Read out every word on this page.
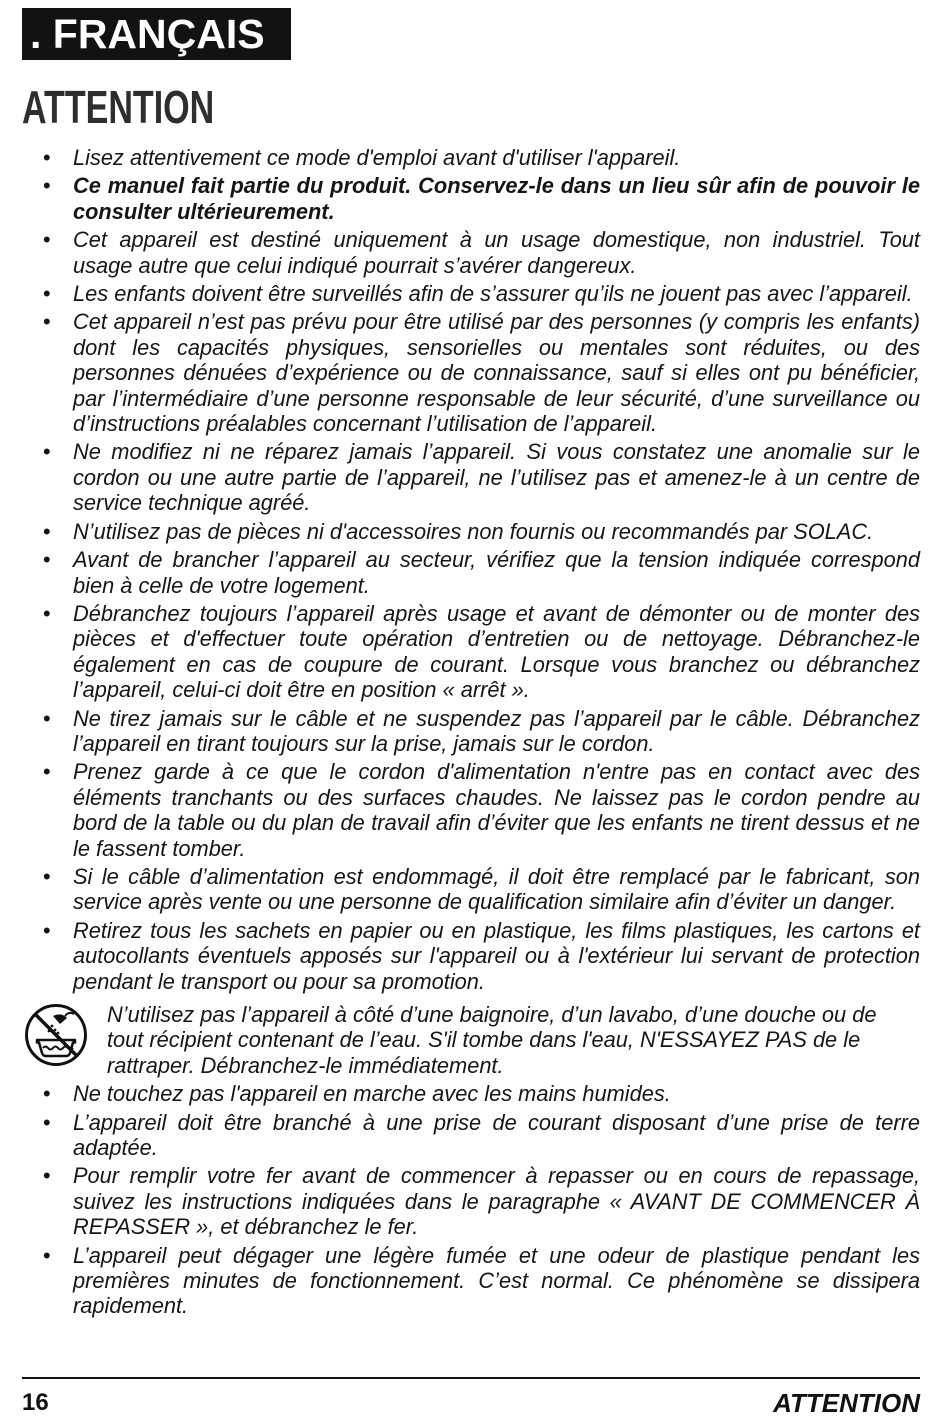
. FRANÇAIS
ATTENTION
• Lisez attentivement ce mode d'emploi avant d'utiliser l'appareil.
• Ce manuel fait partie du produit. Conservez-le dans un lieu sûr afin de pouvoir le
consulter ultérieurement.
• Cet appareil est destiné uniquement à un usage domestique, non industriel. Tout
usage autre que celui indiqué pourrait s’avérer dangereux.
• Les enfants doivent être surveillés afin de s’assurer qu’ils ne jouent pas avec l’appareil.
• Cet appareil n’est pas prévu pour être utilisé par des personnes (y compris les enfants)
dont les capacités physiques, sensorielles ou mentales sont réduites, ou des
personnes dénuées d’expérience ou de connaissance, sauf si elles ont pu bénéficier,
par l’intermédiaire d’une personne responsable de leur sécurité, d’une surveillance ou
d’instructions préalables concernant l’utilisation de l’appareil.
• Ne modifiez ni ne réparez jamais l’appareil. Si vous constatez une anomalie sur le
cordon ou une autre partie de l’appareil, ne l’utilisez pas et amenez-le à un centre de
service technique agréé.
• N’utilisez pas de pièces ni d'accessoires non fournis ou recommandés par SOLAC.
• Avant de brancher l’appareil au secteur, vérifiez que la tension indiquée correspond
bien à celle de votre logement.
• Débranchez toujours l’appareil après usage et avant de démonter ou de monter des
pièces et d'effectuer toute opération d’entretien ou de nettoyage. Débranchez-le
également en cas de coupure de courant. Lorsque vous branchez ou débranchez
l’appareil, celui-ci doit être en position « arrêt ».
• Ne tirez jamais sur le câble et ne suspendez pas l’appareil par le câble. Débranchez
l’appareil en tirant toujours sur la prise, jamais sur le cordon.
• Prenez garde à ce que le cordon d'alimentation n'entre pas en contact avec des
éléments tranchants ou des surfaces chaudes. Ne laissez pas le cordon pendre au
bord de la table ou du plan de travail afin d’éviter que les enfants ne tirent dessus et ne
le fassent tomber.
• Si le câble d’alimentation est endommagé, il doit être remplacé par le fabricant, son
service après vente ou une personne de qualification similaire afin d’éviter un danger.
• Retirez tous les sachets en papier ou en plastique, les films plastiques, les cartons et
autocollants éventuels apposés sur l'appareil ou à l'extérieur lui servant de protection
pendant le transport ou pour sa promotion.
N’utilisez pas l’appareil à côté d’une baignoire, d’un lavabo, d’une douche ou de
tout récipient contenant de l’eau. S'il tombe dans l'eau, N'ESSAYEZ PAS de le
rattraper. Débranchez-le immédiatement.
• Ne touchez pas l'appareil en marche avec les mains humides.
• L’appareil doit être branché à une prise de courant disposant d’une prise de terre
adaptée.
• Pour remplir votre fer avant de commencer à repasser ou en cours de repassage,
suivez les instructions indiquées dans le paragraphe « AVANT DE COMMENCER À
REPASSER », et débranchez le fer.
• L’appareil peut dégager une légère fumée et une odeur de plastique pendant les
premières minutes de fonctionnement. C’est normal. Ce phénomène se dissipera
rapidement.
16	ATTENTION
